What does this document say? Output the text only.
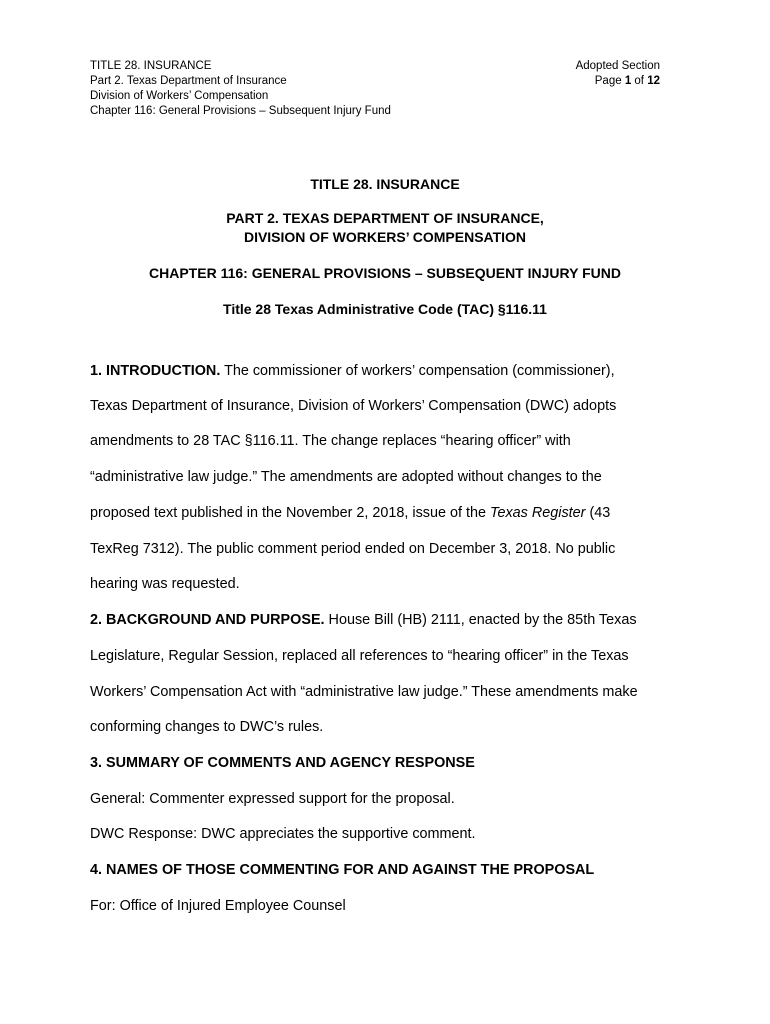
TITLE 28. INSURANCE
Part 2. Texas Department of Insurance
Division of Workers’ Compensation
Chapter 116: General Provisions – Subsequent Injury Fund
Adopted Section
Page 1 of 12
TITLE 28. INSURANCE
PART 2. TEXAS DEPARTMENT OF INSURANCE,
DIVISION OF WORKERS’ COMPENSATION
CHAPTER 116: GENERAL PROVISIONS – SUBSEQUENT INJURY FUND
Title 28 Texas Administrative Code (TAC) §116.11
1. INTRODUCTION. The commissioner of workers’ compensation (commissioner),
Texas Department of Insurance, Division of Workers’ Compensation (DWC) adopts
amendments to 28 TAC §116.11. The change replaces “hearing officer” with
“administrative law judge.” The amendments are adopted without changes to the
proposed text published in the November 2, 2018, issue of the Texas Register (43
TexReg 7312). The public comment period ended on December 3, 2018. No public
hearing was requested.
2. BACKGROUND AND PURPOSE. House Bill (HB) 2111, enacted by the 85th Texas
Legislature, Regular Session, replaced all references to “hearing officer” in the Texas
Workers’ Compensation Act with “administrative law judge.” These amendments make
conforming changes to DWC’s rules.
3. SUMMARY OF COMMENTS AND AGENCY RESPONSE
General: Commenter expressed support for the proposal.
DWC Response: DWC appreciates the supportive comment.
4. NAMES OF THOSE COMMENTING FOR AND AGAINST THE PROPOSAL
For: Office of Injured Employee Counsel
